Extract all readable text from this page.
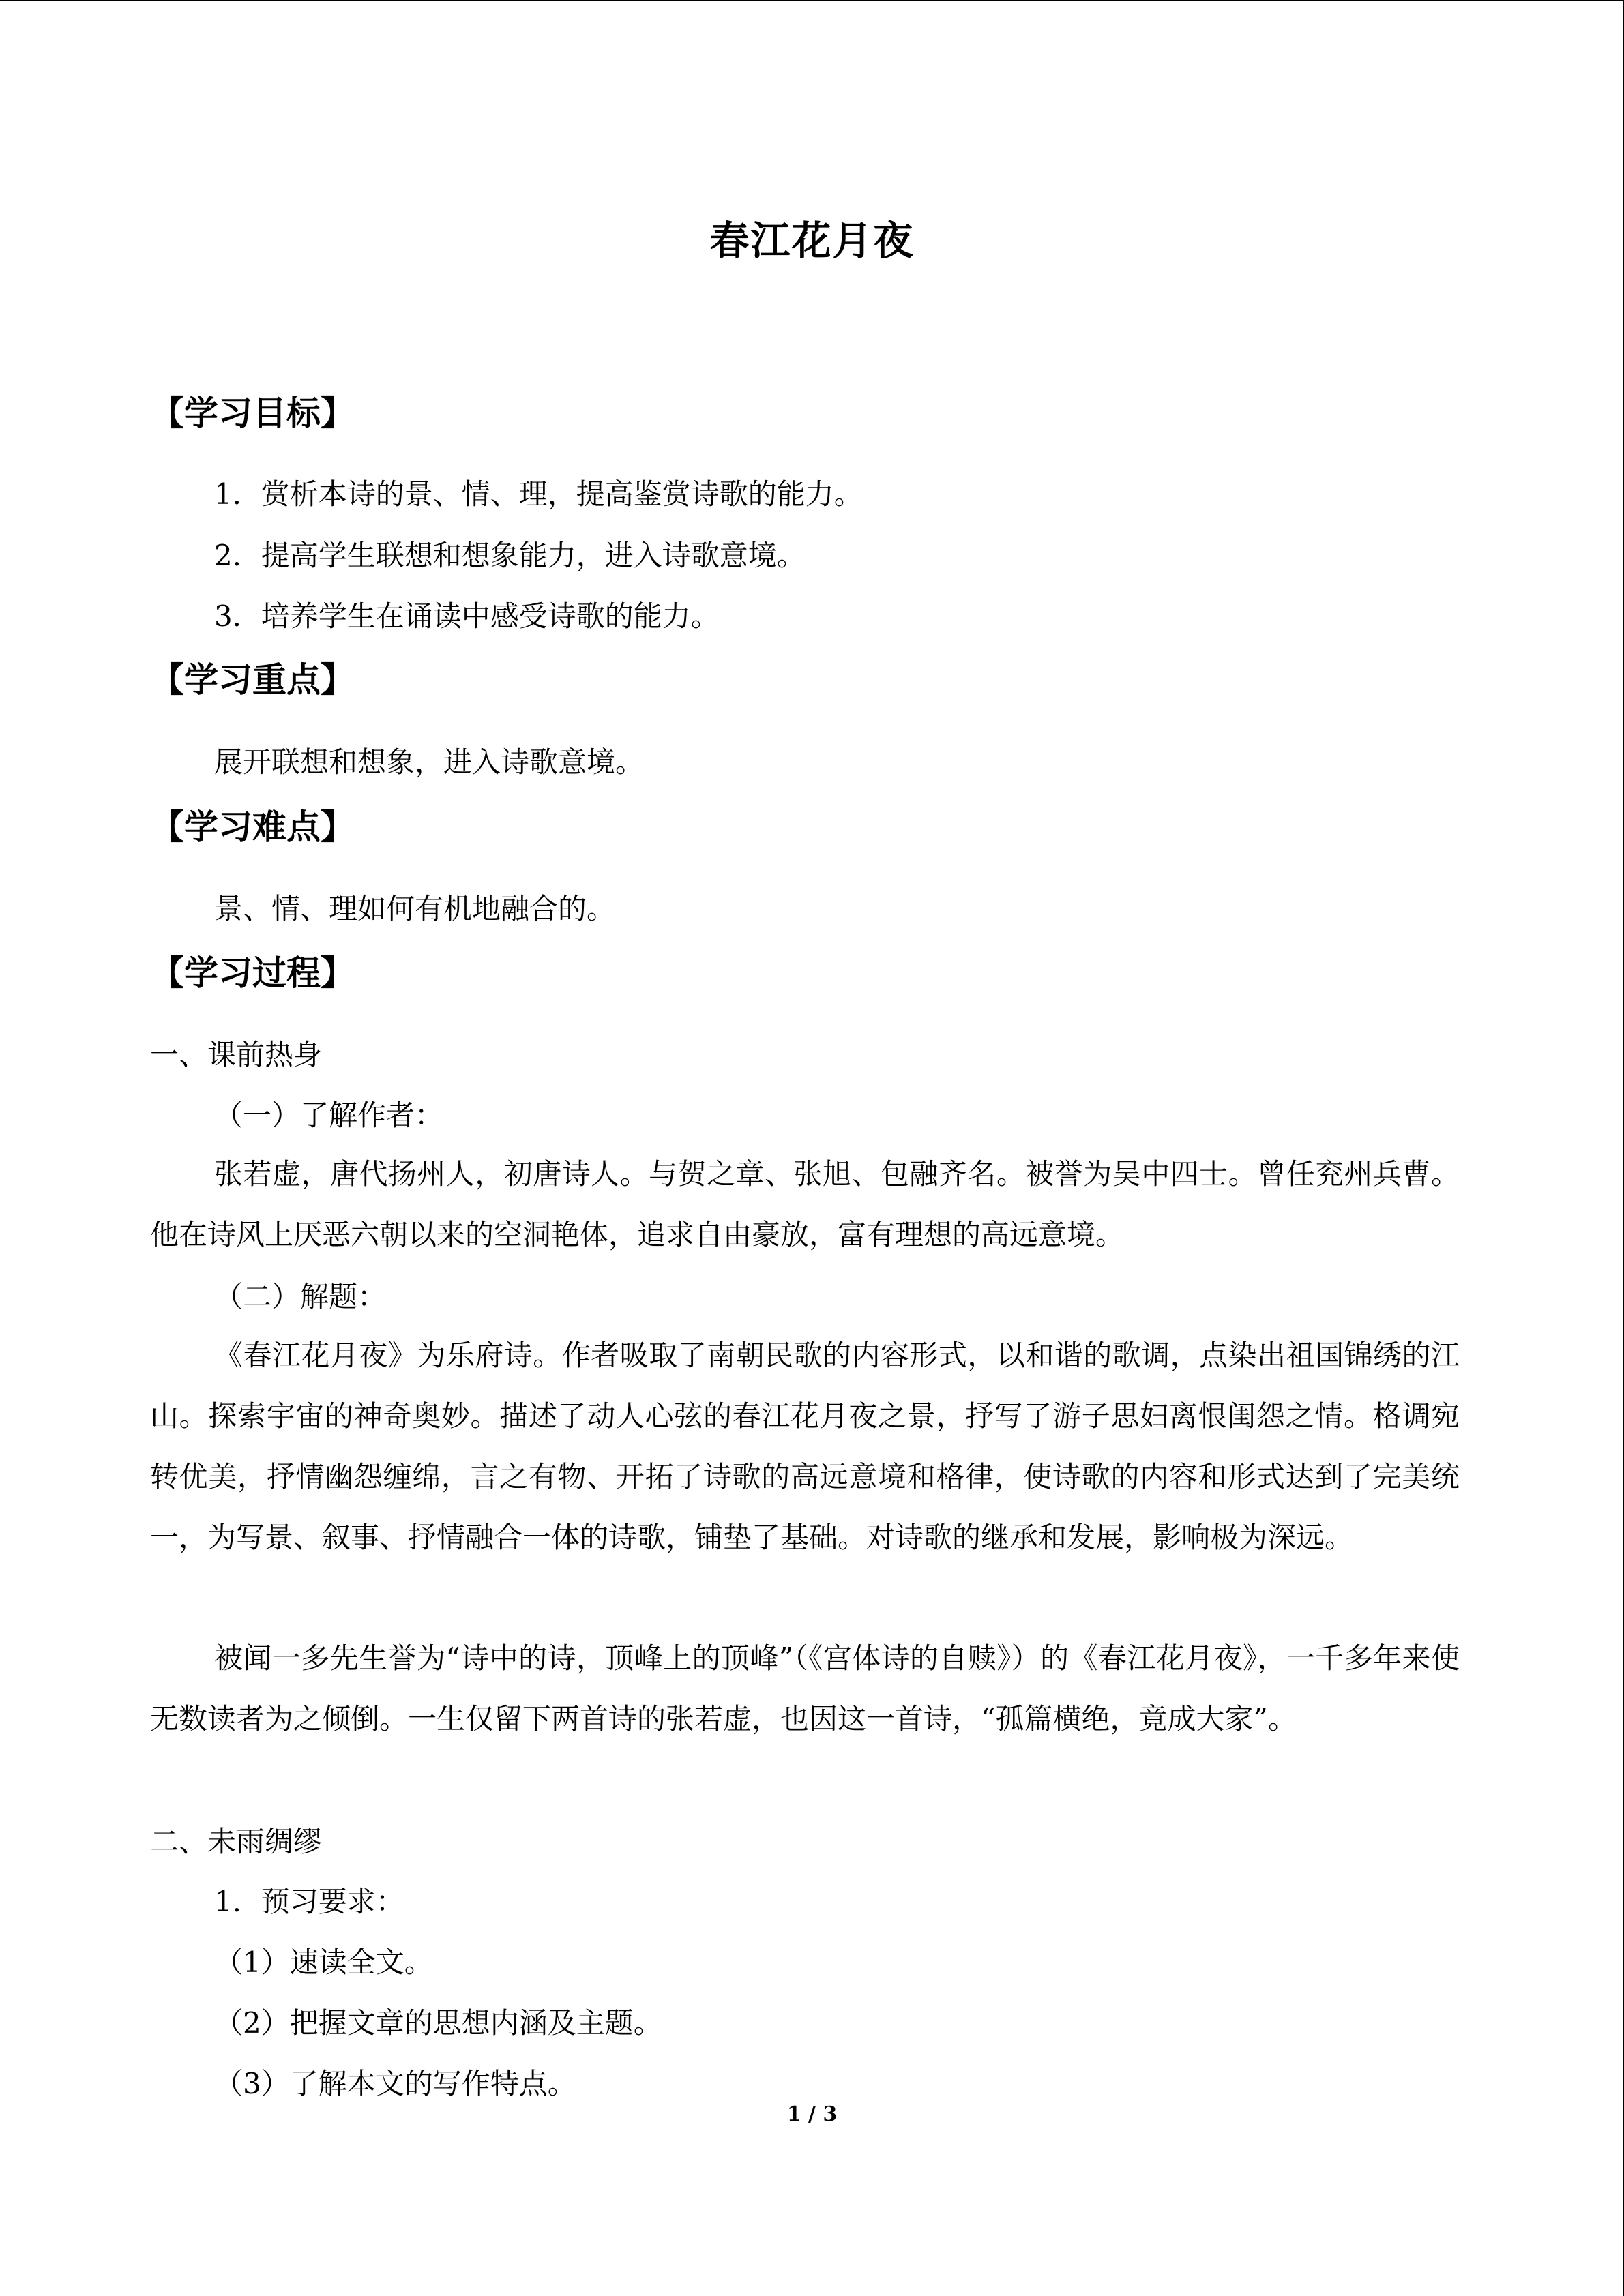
春江花月夜
【学习目标】
1．赏析本诗的景、情、理，提高鉴赏诗歌的能力。
2．提高学生联想和想象能力，进入诗歌意境。
3．培养学生在诵读中感受诗歌的能力。
【学习重点】
展开联想和想象，进入诗歌意境。
【学习难点】
景、情、理如何有机地融合的。
【学习过程】
一、课前热身
（一）了解作者：

张若虚，唐代扬州人，初唐诗人。与贺之章、张旭、包融齐名。被誉为吴中四士。曾任兖州兵曹。他在诗风上厌恶六朝以来的空洞艳体，追求自由豪放，富有理想的高远意境。

（二）解题：

《春江花月夜》为乐府诗。作者吸取了南朝民歌的内容形式，以和谐的歌调，点染出祖国锦绣的江山。探索宇宙的神奇奥妙。描述了动人心弦的春江花月夜之景，抒写了游子思妇离恨闺怨之情。格调宛转优美，抒情幽怨缠绵，言之有物、开拓了诗歌的高远意境和格律，使诗歌的内容和形式达到了完美统一，为写景、叙事、抒情融合一体的诗歌，铺垫了基础。对诗歌的继承和发展，影响极为深远。

被闻一多先生誉为“诗中的诗，顶峰上的顶峰”（《宫体诗的自赎》）的《春江花月夜》，一千多年来使无数读者为之倾倒。一生仅留下两首诗的张若虚，也因这一首诗，“孤篇横绝，竟成大家”。

二、未雨绸缪
1．预习要求：
（1）速读全文。
（2）把握文章的思想内涵及主题。
（3）了解本文的写作特点。
1 / 3
